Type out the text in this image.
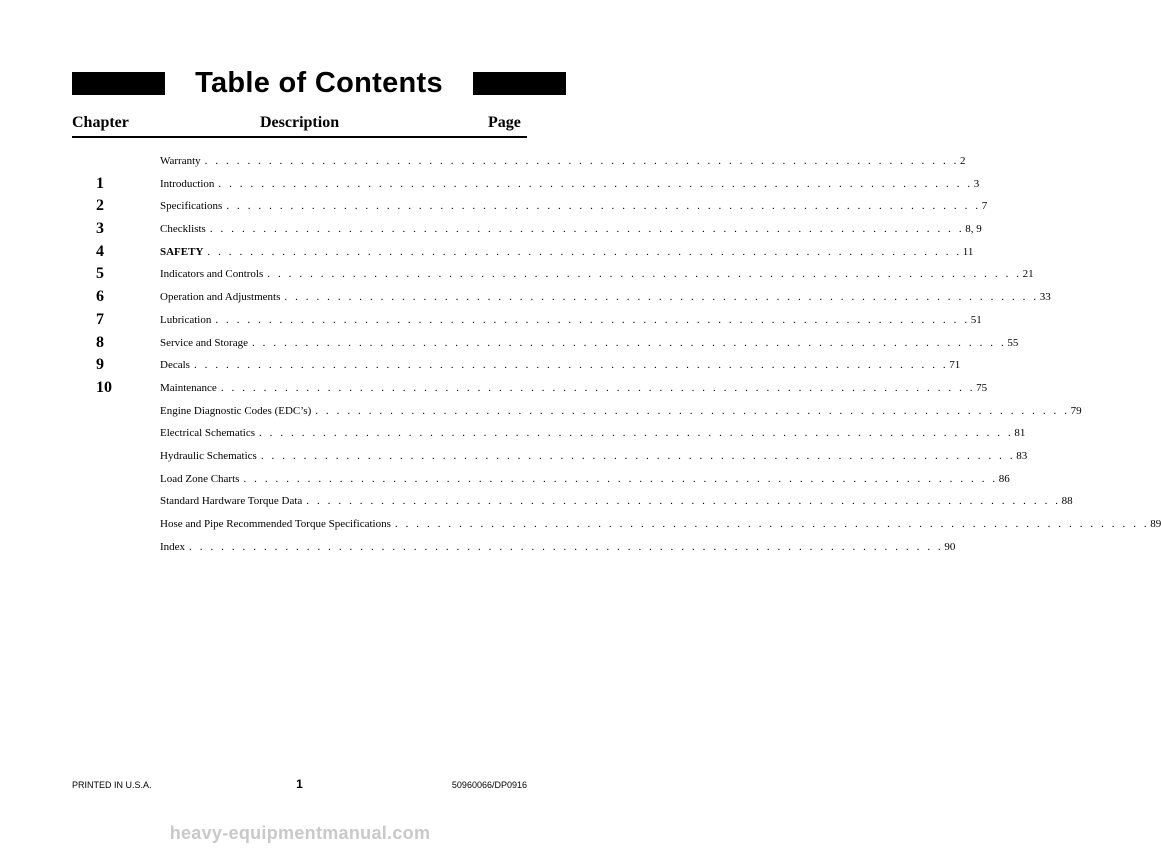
Table of Contents
Chapter	Description	Page
Warranty . . . . . . . . . . . . . . . . . . . . . . . . . . . . . . . . . . . . . . . . . . . . . . . . . . . . . . . . . . . . . . . . . . . . . . . 2
1	Introduction . . . . . . . . . . . . . . . . . . . . . . . . . . . . . . . . . . . . . . . . . . . . . . . . . . . . . . . . . . . . . . . . . . . . . . . 3
2	Specifications . . . . . . . . . . . . . . . . . . . . . . . . . . . . . . . . . . . . . . . . . . . . . . . . . . . . . . . . . . . . . . . . . . . . . . . 7
3	Checklists . . . . . . . . . . . . . . . . . . . . . . . . . . . . . . . . . . . . . . . . . . . . . . . . . . . . . . . . . . . . . . . . . . . . . . . 8, 9
4	SAFETY . . . . . . . . . . . . . . . . . . . . . . . . . . . . . . . . . . . . . . . . . . . . . . . . . . . . . . . . . . . . . . . . . . . . . . . 11
5	Indicators and Controls . . . . . . . . . . . . . . . . . . . . . . . . . . . . . . . . . . . . . . . . . . . . . . . . . . . . . . . . . . . . . . . . . . . . . . . 21
6	Operation and Adjustments . . . . . . . . . . . . . . . . . . . . . . . . . . . . . . . . . . . . . . . . . . . . . . . . . . . . . . . . . . . . . . . . . . . . . . . 33
7	Lubrication . . . . . . . . . . . . . . . . . . . . . . . . . . . . . . . . . . . . . . . . . . . . . . . . . . . . . . . . . . . . . . . . . . . . . . . 51
8	Service and Storage . . . . . . . . . . . . . . . . . . . . . . . . . . . . . . . . . . . . . . . . . . . . . . . . . . . . . . . . . . . . . . . . . . . . . . . 55
9	Decals . . . . . . . . . . . . . . . . . . . . . . . . . . . . . . . . . . . . . . . . . . . . . . . . . . . . . . . . . . . . . . . . . . . . . . . 71
10	Maintenance . . . . . . . . . . . . . . . . . . . . . . . . . . . . . . . . . . . . . . . . . . . . . . . . . . . . . . . . . . . . . . . . . . . . . . . 75
Engine Diagnostic Codes (EDC’s) . . . . . . . . . . . . . . . . . . . . . . . . . . . . . . . . . . . . . . . . . . . . . . . . . . . . . . . . . . . . . . . . . . . . . . . 79
Electrical Schematics . . . . . . . . . . . . . . . . . . . . . . . . . . . . . . . . . . . . . . . . . . . . . . . . . . . . . . . . . . . . . . . . . . . . . . . 81
Hydraulic Schematics . . . . . . . . . . . . . . . . . . . . . . . . . . . . . . . . . . . . . . . . . . . . . . . . . . . . . . . . . . . . . . . . . . . . . . . 83
Load Zone Charts . . . . . . . . . . . . . . . . . . . . . . . . . . . . . . . . . . . . . . . . . . . . . . . . . . . . . . . . . . . . . . . . . . . . . . . 86
Standard Hardware Torque Data . . . . . . . . . . . . . . . . . . . . . . . . . . . . . . . . . . . . . . . . . . . . . . . . . . . . . . . . . . . . . . . . . . . . . . . 88
Hose and Pipe Recommended Torque Specifications . . . . . . . . . . . . . . . . . . . . . . . . . . . . . . . . . . . . . . . . . . . . . . . . . . . . . . . . . . . . . . . . . . . . . . . 89
Index . . . . . . . . . . . . . . . . . . . . . . . . . . . . . . . . . . . . . . . . . . . . . . . . . . . . . . . . . . . . . . . . . . . . . . . 90
PRINTED IN U.S.A.	1	50960066/DP0916
heavy-equipmentmanual.com
